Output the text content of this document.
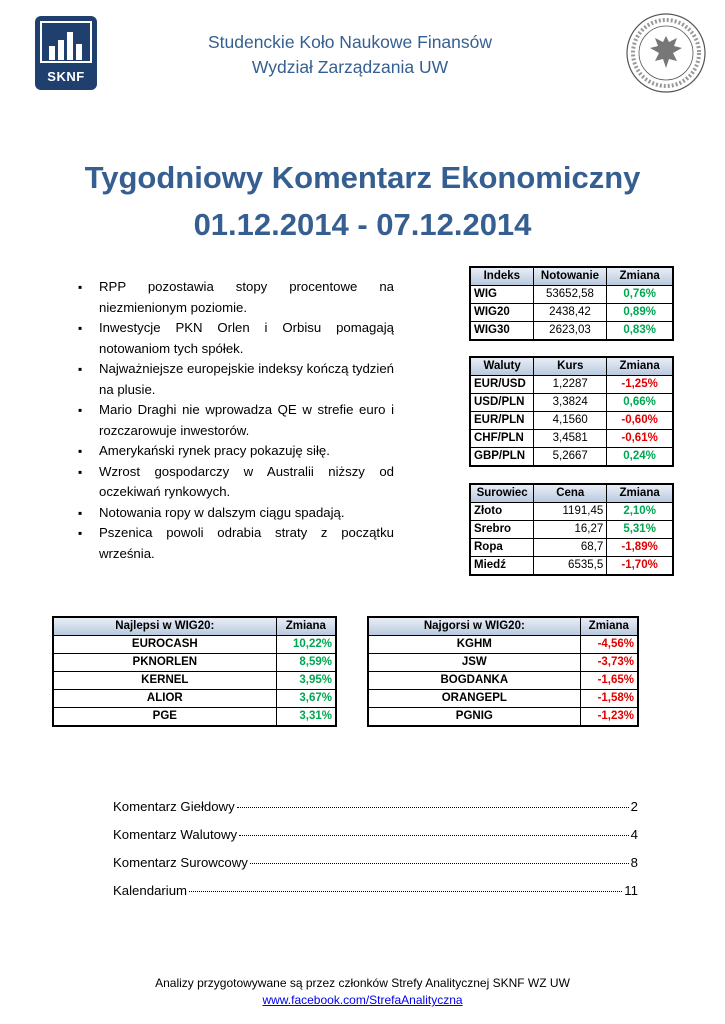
SKNF
Studenckie Koło Naukowe Finansów
Wydział Zarządzania UW
Tygodniowy Komentarz Ekonomiczny
01.12.2014 - 07.12.2014
▪ RPP pozostawia stopy procentowe na niezmienionym poziomie.
▪ Inwestycje PKN Orlen i Orbisu pomagają notowaniom tych spółek.
▪ Najważniejsze europejskie indeksy kończą tydzień na plusie.
▪ Mario Draghi nie wprowadza QE w strefie euro i rozczarowuje inwestorów.
▪ Amerykański rynek pracy pokazuję siłę.
▪ Wzrost gospodarczy w Australii niższy od oczekiwań rynkowych.
▪ Notowania ropy w dalszym ciągu spadają.
▪ Pszenica powoli odrabia straty z początku września.
Indeks	Notowanie	Zmiana
WIG	53652,58	0,76%
WIG20	2438,42	0,89%
WIG30	2623,03	0,83%
Waluty	Kurs	Zmiana
EUR/USD	1,2287	-1,25%
USD/PLN	3,3824	0,66%
EUR/PLN	4,1560	-0,60%
CHF/PLN	3,4581	-0,61%
GBP/PLN	5,2667	0,24%
Surowiec	Cena	Zmiana
Złoto	1191,45	2,10%
Srebro	16,27	5,31%
Ropa	68,7	-1,89%
Miedź	6535,5	-1,70%
Najlepsi w WIG20:	Zmiana
EUROCASH	10,22%
PKNORLEN	8,59%
KERNEL	3,95%
ALIOR	3,67%
PGE	3,31%
Najgorsi w WIG20:	Zmiana
KGHM	-4,56%
JSW	-3,73%
BOGDANKA	-1,65%
ORANGEPL	-1,58%
PGNIG	-1,23%
Komentarz Giełdowy	2
Komentarz Walutowy	4
Komentarz Surowcowy	8
Kalendarium	11
Analizy przygotowywane są przez członków Strefy Analitycznej SKNF WZ UW
www.facebook.com/StrefaAnalityczna
